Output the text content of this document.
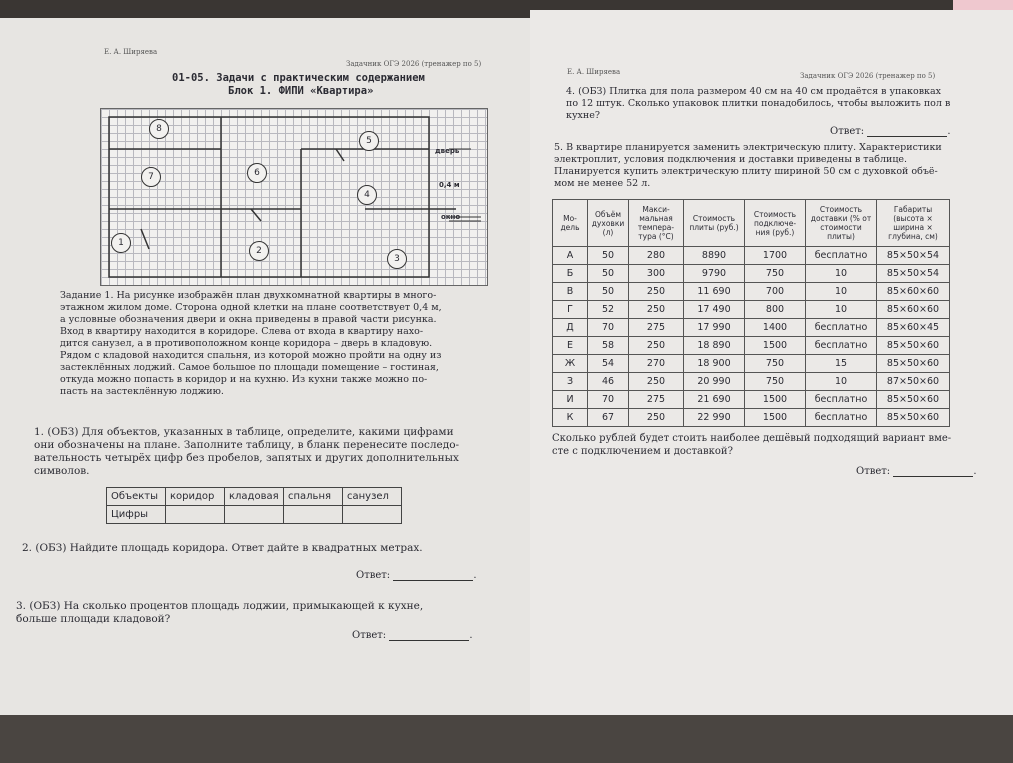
Е. А. Ширяева
Задачник ОГЭ 2026 (тренажер по 5)
01-05. Задачи с практическим содержанием
Блок 1. ФИПИ «Квартира»
Е. А. Ширяева	Задачник ОГЭ 2026 (тренажер по 5)
8
5
7	6
4
1
2
3
дверь
0,4 м
окно
Задание 1. На рисунке изображён план двухкомнатной квартиры в много-
этажном жилом доме. Сторона одной клетки на плане соответствует 0,4 м,
а условные обозначения двери и окна приведены в правой части рисунка.
Вход в квартиру находится в коридоре. Слева от входа в квартиру нахо-
дится санузел, а в противоположном конце коридора – дверь в кладовую.
Рядом с кладовой находится спальня, из которой можно пройти на одну из
застеклённых лоджий. Самое большое по площади помещение – гостиная,
откуда можно попасть в коридор и на кухню. Из кухни также можно по-
пасть на застеклённую лоджию.
1. (ОБЗ) Для объектов, указанных в таблице, определите, какими цифрами
они обозначены на плане. Заполните таблицу, в бланк перенесите последо-
вательность четырёх цифр без пробелов, запятых и других дополнительных
символов.
Объекты	коридор	кладовая	спальня	санузел
Цифры				
2. (ОБЗ) Найдите площадь коридора. Ответ дайте в квадратных метрах.
Ответ:	.
3. (ОБЗ) На сколько процентов площадь лоджии, примыкающей к кухне,
больше площади кладовой?
Ответ:	.
4. (ОБЗ) Плитка для пола размером 40 см на 40 см продаётся в упаковках
по 12 штук. Сколько упаковок плитки понадобилось, чтобы выложить пол в
кухне?
Ответ:	.
5. В квартире планируется заменить электрическую плиту. Характеристики
электроплит, условия подключения и доставки приведены в таблице.
Планируется купить электрическую плиту шириной 50 см с духовкой объё-
мом не менее 52 л.
Мо-дель	Объём духовки (л)	Макси-мальная темпера-тура (°С)	Стоимость плиты (руб.)	Стоимость подключе-ния (руб.)	Стоимость доставки (% от стоимости плиты)	Габариты (высота × ширина × глубина, см)
А	50	280	8890	1700	бесплатно	85×50×54
Б	50	300	9790	750	10	85×50×54
В	50	250	11 690	700	10	85×60×60
Г	52	250	17 490	800	10	85×60×60
Д	70	275	17 990	1400	бесплатно	85×60×45
Е	58	250	18 890	1500	бесплатно	85×50×60
Ж	54	270	18 900	750	15	85×50×60
З	46	250	20 990	750	10	87×50×60
И	70	275	21 690	1500	бесплатно	85×50×60
К	67	250	22 990	1500	бесплатно	85×50×60
Сколько рублей будет стоить наиболее дешёвый подходящий вариант вме-
сте с подключением и доставкой?
Ответ:	.
